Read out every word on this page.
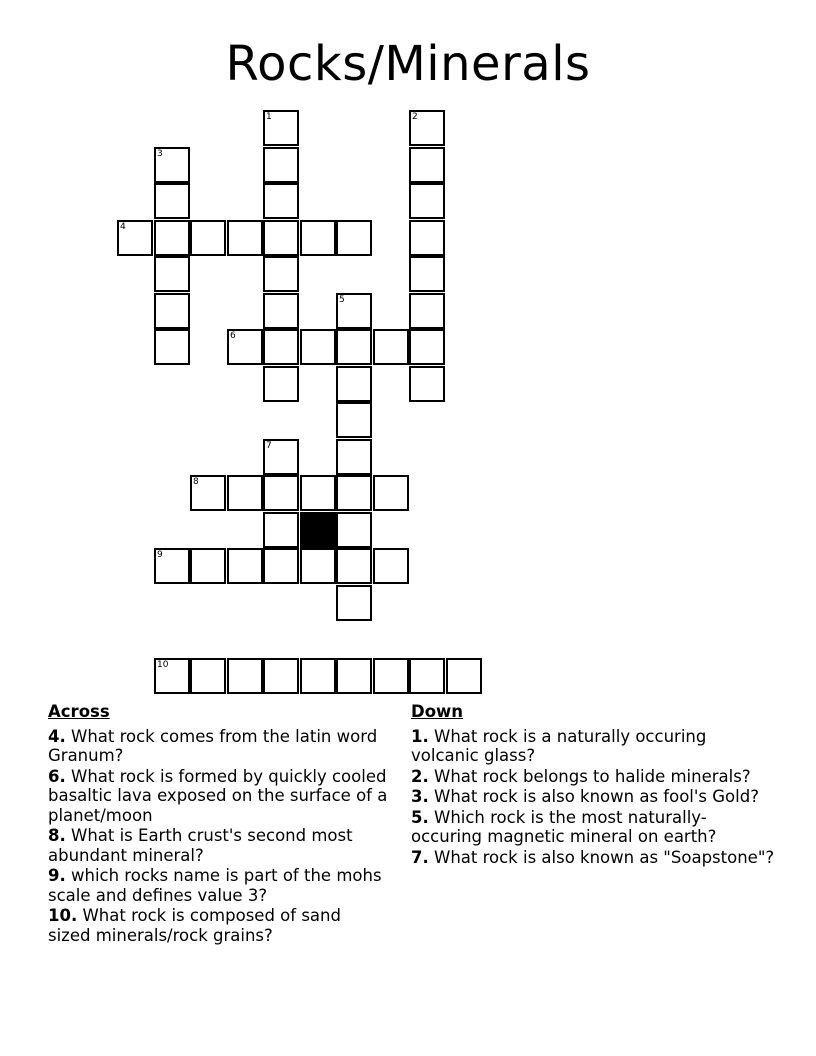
Rocks/Minerals
1	2
3
4
5
6
7
8
9
10
Across
4. What rock comes from the latin word Granum?
6. What rock is formed by quickly cooled basaltic lava exposed on the surface of a planet/moon
8. What is Earth crust's second most abundant mineral?
9. which rocks name is part of the mohs scale and defines value 3?
10. What rock is composed of sand sized minerals/rock grains?
Down
1. What rock is a naturally occuring volcanic glass?
2. What rock belongs to halide minerals?
3. What rock is also known as fool's Gold?
5. Which rock is the most naturally-occuring magnetic mineral on earth?
7. What rock is also known as "Soapstone"?
